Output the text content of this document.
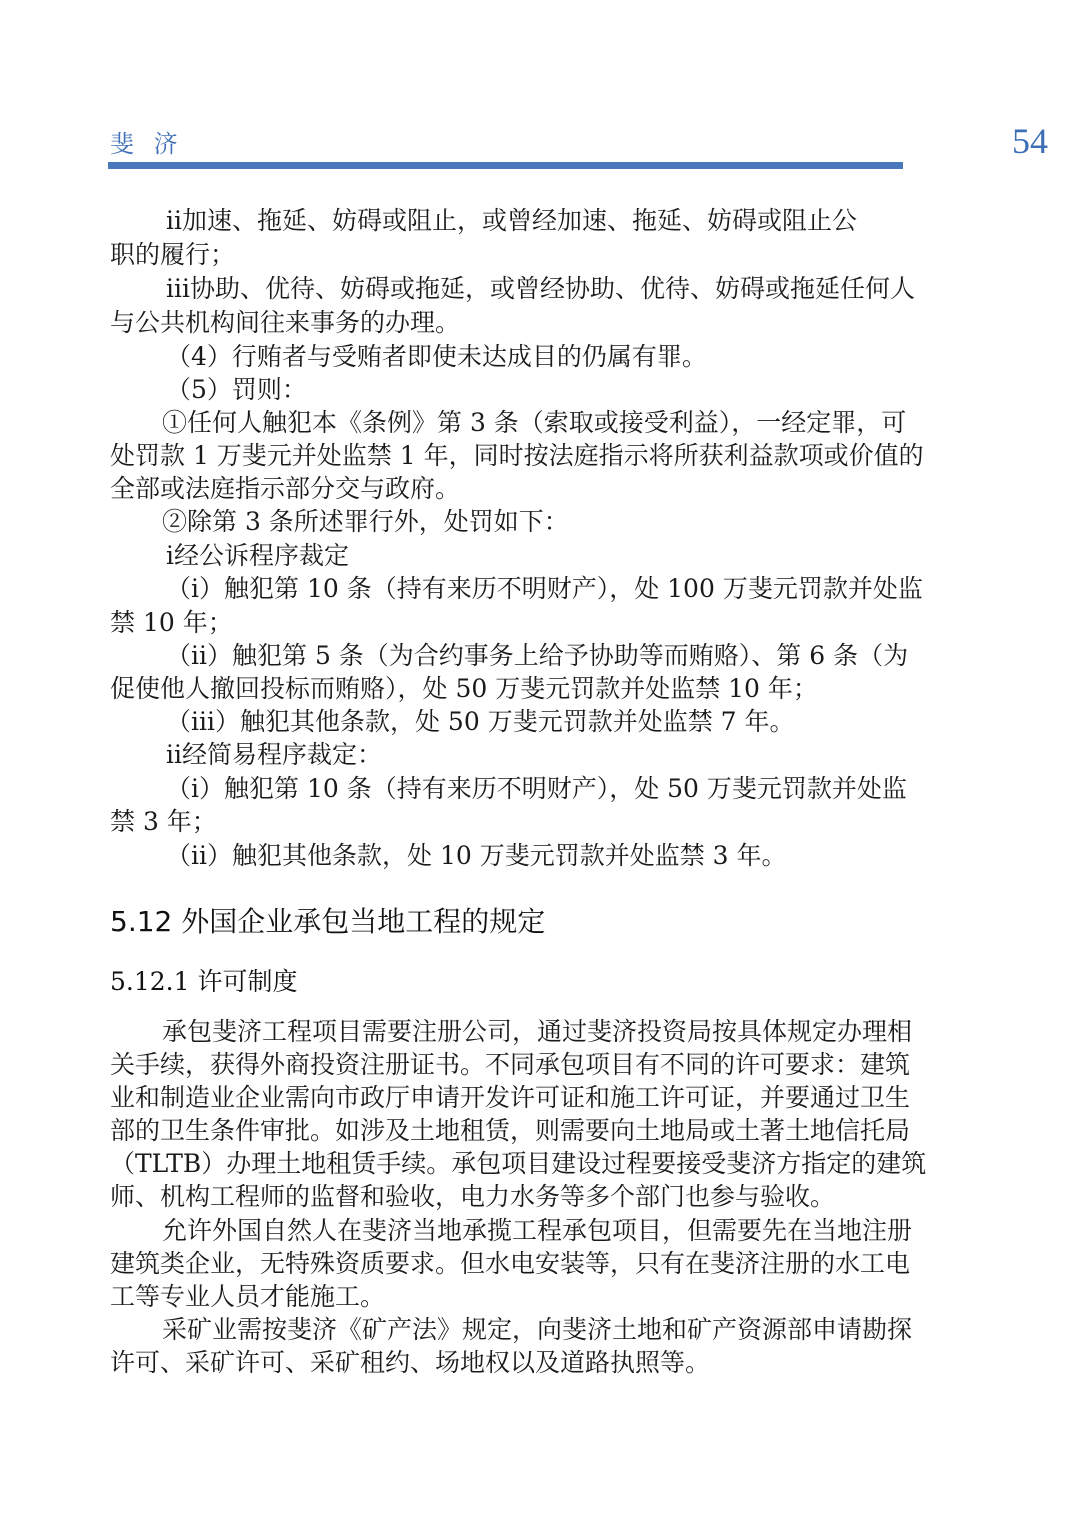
斐 济	54
ⅱ加速、拖延、妨碍或阻止，或曾经加速、拖延、妨碍或阻止公
职的履行；
ⅲ协助、优待、妨碍或拖延，或曾经协助、优待、妨碍或拖延任何人
与公共机构间往来事务的办理。
（4）行贿者与受贿者即使未达成目的仍属有罪。
（5）罚则：
①任何人触犯本《条例》第 3 条（索取或接受利益），一经定罪，可
处罚款 1 万斐元并处监禁 1 年，同时按法庭指示将所获利益款项或价值的
全部或法庭指示部分交与政府。
②除第 3 条所述罪行外，处罚如下：
ⅰ经公诉程序裁定
（ⅰ）触犯第 10 条（持有来历不明财产），处 100 万斐元罚款并处监
禁 10 年；
（ⅱ）触犯第 5 条（为合约事务上给予协助等而贿赂）、第 6 条（为
促使他人撤回投标而贿赂），处 50 万斐元罚款并处监禁 10 年；
（ⅲ）触犯其他条款，处 50 万斐元罚款并处监禁 7 年。
ⅱ经简易程序裁定：
（ⅰ）触犯第 10 条（持有来历不明财产），处 50 万斐元罚款并处监
禁 3 年；
（ⅱ）触犯其他条款，处 10 万斐元罚款并处监禁 3 年。
5.12 外国企业承包当地工程的规定
5.12.1 许可制度
承包斐济工程项目需要注册公司，通过斐济投资局按具体规定办理相
关手续，获得外商投资注册证书。不同承包项目有不同的许可要求：建筑
业和制造业企业需向市政厅申请开发许可证和施工许可证，并要通过卫生
部的卫生条件审批。如涉及土地租赁，则需要向土地局或土著土地信托局
（TLTB）办理土地租赁手续。承包项目建设过程要接受斐济方指定的建筑
师、机构工程师的监督和验收，电力水务等多个部门也参与验收。
允许外国自然人在斐济当地承揽工程承包项目，但需要先在当地注册
建筑类企业，无特殊资质要求。但水电安装等，只有在斐济注册的水工电
工等专业人员才能施工。
采矿业需按斐济《矿产法》规定，向斐济土地和矿产资源部申请勘探
许可、采矿许可、采矿租约、场地权以及道路执照等。
